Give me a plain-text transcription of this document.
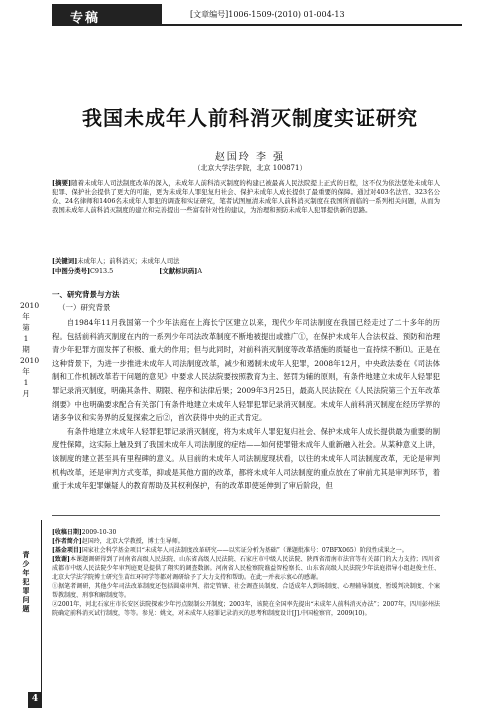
专稿	[文章编号]1006-1509-(2010) 01-004-13
我国未成年人前科消灭制度实证研究
赵国玲 李 强
（北京大学法学院，北京 100871）
[摘要]随着未成年人司法制度改革的深入，未成年人前科消灭制度的构建已被最高人民法院提上正式的日程，这不仅为依法惩处未成年人犯罪、保护社会提供了更大的可能，更为未成年人罪犯复归社会、保护未成年人成长提供了最重要的保障。通过对403名法官、323名公众、24名律师和1406名未成年人罪犯的调查和实证研究，笔者试图厘清未成年人前科消灭制度在我国所面临的一系列相关问题，从而为我国未成年人前科消灭制度的建立和完善提出一些富有针对性的建议，为治理和预防未成年人犯罪提供新的思路。
[关键词]未成年人；前科消灭；未成年人司法
[中图分类号]C913.5	[文献标识码]A
2010年第1期 2010年1月
青少年犯罪问题
一、研究背景与方法
（一）研究背景

自1984年11月我国第一个少年法庭在上海长宁区建立以来，现代少年司法制度在我国已经走过了二十多年的历程。包括前科消灭制度在内的一系列少年司法改革制度不断地被提出或推广①，在保护未成年人合法权益、预防和治理青少年犯罪方面发挥了积极、重大的作用；但与此同时，对前科消灭制度等改革措施的质疑也一直持续不断⑴。正是在这种背景下，为进一步推进未成年人司法制度改革，减少和遏制未成年人犯罪，2008年12月，中央政法委在《司法体制和工作机制改革若干问题的意见》中要求人民法院要按照教育为主、惩罚为辅的原则，有条件地建立未成年人轻罪犯罪记录消灭制度，明确其条件、期限、程序和法律后果；2009年3月25日，最高人民法院在《人民法院第三个五年改革纲要》中也明确要求配合有关部门有条件地建立未成年人轻罪犯罪记录消灭制度。未成年人前科消灭制度在经历学界的诸多争议和实务界的反复探索之后②，首次获得中央的正式肯定。

有条件地建立未成年人轻罪犯罪记录消灭制度，将为未成年人罪犯复归社会、保护未成年人成长提供最为重要的制度性保障，这实际上触及到了我国未成年人司法制度的症结——如何使罪错未成年人重新融入社会。从某种意义上讲，该制度的建立甚至具有里程碑的意义。从目前的未成年人司法制度现状看，以往的未成年人司法制度改革，无论是审判机构改革，还是审判方式变革，抑或是其他方面的改革，都将未成年人司法制度的重点放在了审前尤其是审判环节，着重于未成年犯罪嫌疑人的教育帮助及其权利保护，有的改革即使延伸到了审后阶段，但

[收稿日期]2009-10-30

[作者简介]赵国玲，北京大学教授，博士生导师。

[基金项目]国家社会科学基金项目“未成年人司法制度改革研究——以实证分析为基础”（课题批准号：07BFX065）阶段性成果之一。

[致谢]本课题调研得到了河南省高级人民法院、山东省高级人民法院、石家庄市中级人民法院、陕西省渭南市法官等有关部门的大力支持；四川省成都市中级人民法院少年审判庭更是提供了翔实的调查数据。河南省人民检察院谯益智检察长、山东省高级人民法院少年法庭指导小组赵俊主任、北京大学法学院博士研究生苗红环同学等都对调研给予了大力支持和帮助。在此一并表示衷心的感谢。

①据笔者调研，其他少年司法改革制度还包括圆桌审判、指定管辖、社会调查员制度、合适成年人到场制度、心理辅导制度、暂缓判决制度、个案帮教制度、刑事和解制度等。

②2001年，河北石家庄市长安区法院探索少年污点限制公开制度；2003年，该院在全国率先提出“未成年人前科消灭办法”；2007年，四川彭州法院确定前科消灭试行制度，等等。参见：姚文，对未成年人轻罪记录消灭的思考和制度设计[J].中国检察官，2009(10)。

4
